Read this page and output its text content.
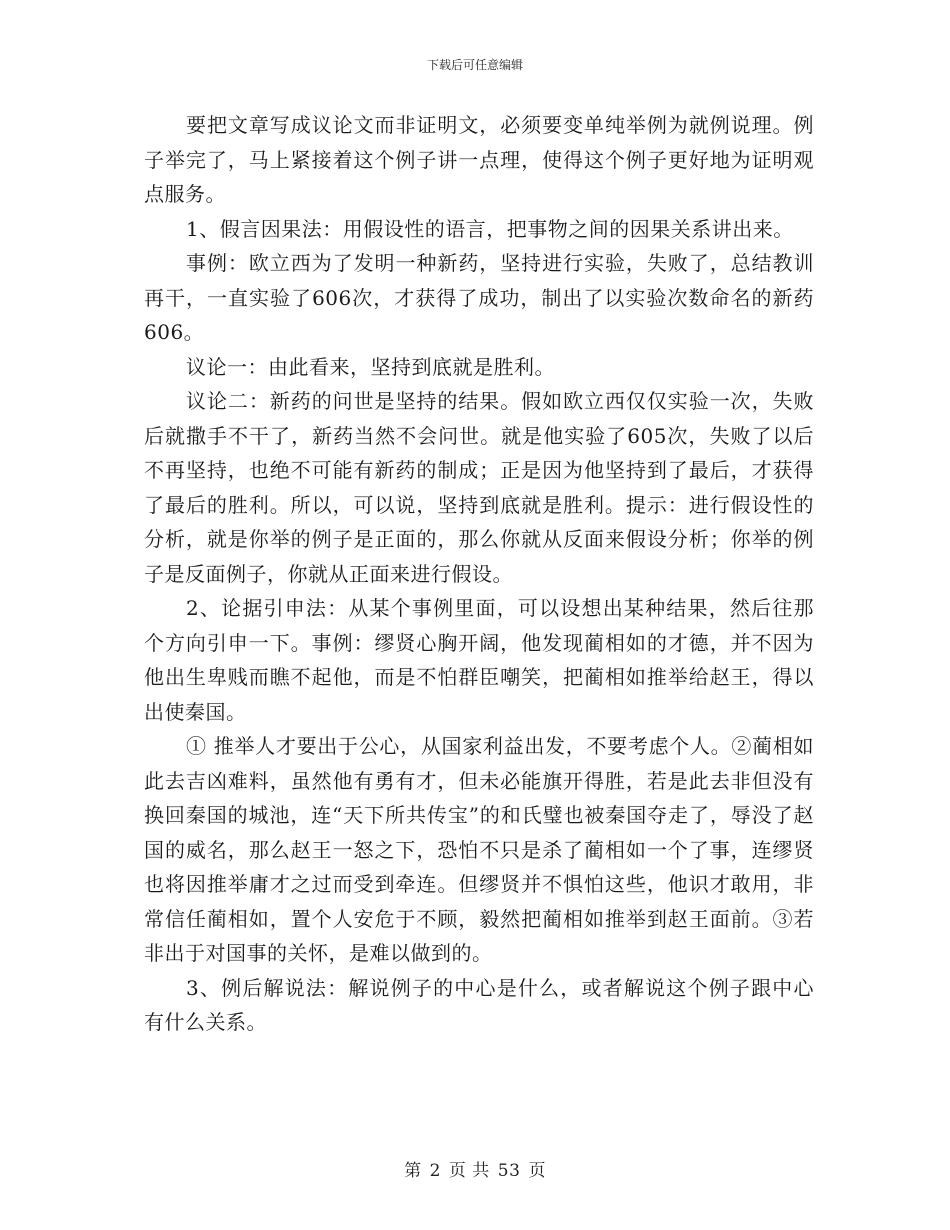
下载后可任意编辑

要把文章写成议论文而非证明文，必须要变单纯举例为就例说理。例子举完了，马上紧接着这个例子讲一点理，使得这个例子更好地为证明观点服务。

1、假言因果法：用假设性的语言，把事物之间的因果关系讲出来。

事例：欧立西为了发明一种新药，坚持进行实验，失败了，总结教训再干，一直实验了606次，才获得了成功，制出了以实验次数命名的新药606。

议论一：由此看来，坚持到底就是胜利。

议论二：新药的问世是坚持的结果。假如欧立西仅仅实验一次，失败后就撒手不干了，新药当然不会问世。就是他实验了605次，失败了以后不再坚持，也绝不可能有新药的制成；正是因为他坚持到了最后，才获得了最后的胜利。所以，可以说，坚持到底就是胜利。提示：进行假设性的分析，就是你举的例子是正面的，那么你就从反面来假设分析；你举的例子是反面例子，你就从正面来进行假设。

2、论据引申法：从某个事例里面，可以设想出某种结果，然后往那个方向引申一下。事例：缪贤心胸开阔，他发现蔺相如的才德，并不因为他出生卑贱而瞧不起他，而是不怕群臣嘲笑，把蔺相如推举给赵王，得以出使秦国。

① 推举人才要出于公心，从国家利益出发，不要考虑个人。②蔺相如此去吉凶难料，虽然他有勇有才，但未必能旗开得胜，若是此去非但没有换回秦国的城池，连“天下所共传宝”的和氏璧也被秦国夺走了，辱没了赵国的威名，那么赵王一怒之下，恐怕不只是杀了蔺相如一个了事，连缪贤也将因推举庸才之过而受到牵连。但缪贤并不惧怕这些，他识才敢用，非常信任蔺相如，置个人安危于不顾，毅然把蔺相如推举到赵王面前。③若非出于对国事的关怀，是难以做到的。

3、例后解说法：解说例子的中心是什么，或者解说这个例子跟中心有什么关系。

第 2 页 共 53 页
